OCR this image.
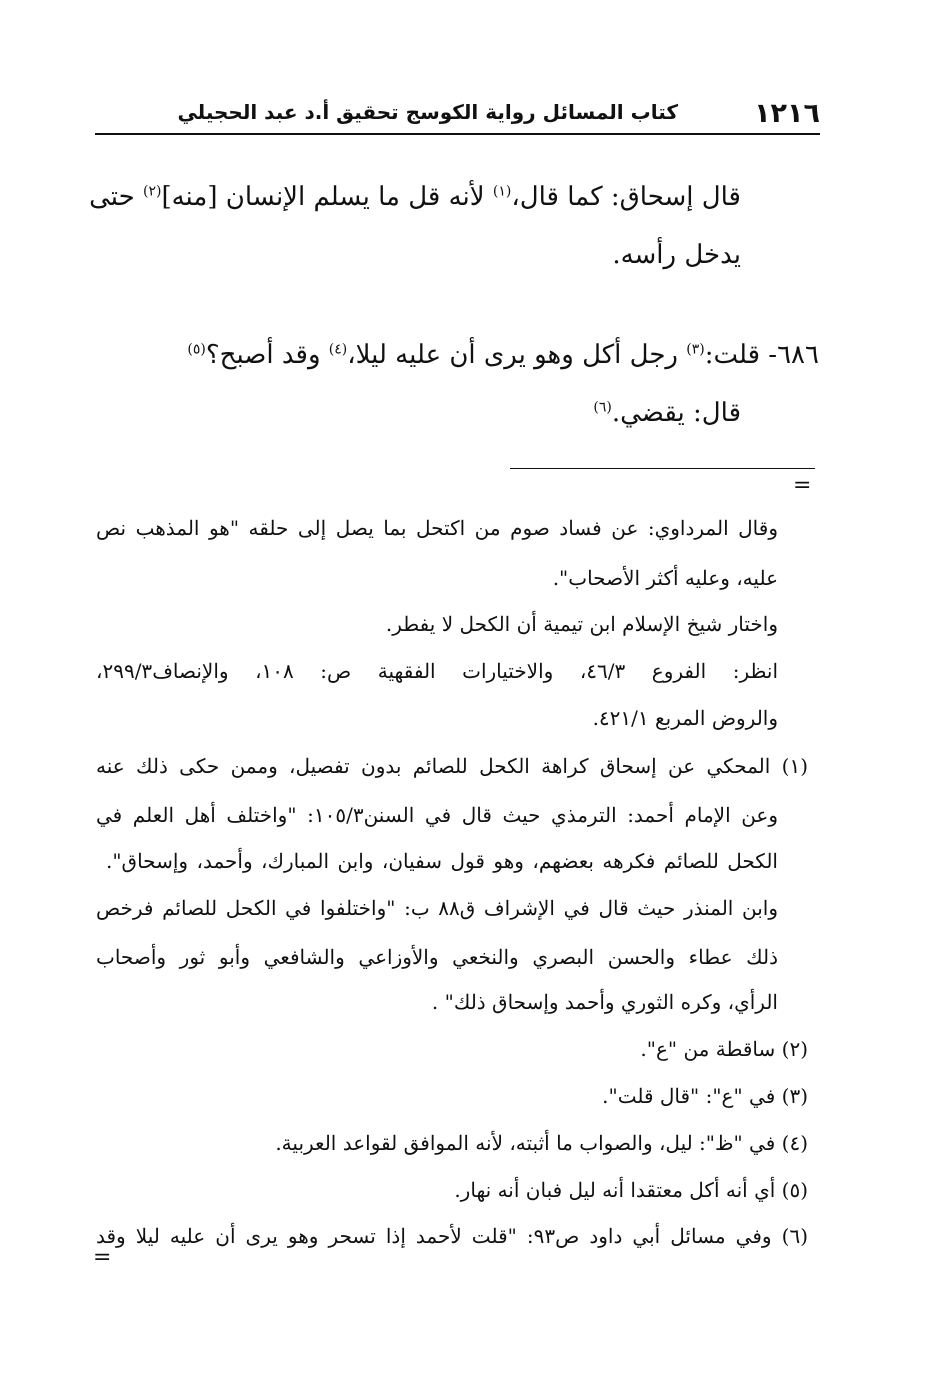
١٢١٦
كتاب المسائل رواية الكوسج تحقيق أ.د عبد الحجيلي
قال إسحاق: كما قال،$^{(١)}$ لأنه قل ما يسلم الإنسان [منه]$^{(٢)}$ حتى
يدخل رأسه.
٦٨٦- قلت:$^{(٣)}$ رجل أكل وهو يرى أن عليه ليلا،$^{(٤)}$ وقد أصبح؟$^{(٥)}$
قال: يقضي.$^{(٦)}$
=
وقال المرداوي: عن فساد صوم من اكتحل بما يصل إلى حلقه "هو المذهب نص
عليه، وعليه أكثر الأصحاب".
واختار شيخ الإسلام ابن تيمية أن الكحل لا يفطر.
انظر: الفروع ٤٦/٣، والاختيارات الفقهية ص: ١٠٨، والإنصاف٢٩٩/٣،
والروض المربع ٤٢١/١.
(١) المحكي عن إسحاق كراهة الكحل للصائم بدون تفصيل، وممن حكى ذلك عنه
وعن الإمام أحمد: الترمذي حيث قال في السنن١٠٥/٣: "واختلف أهل العلم في
الكحل للصائم فكرهه بعضهم، وهو قول سفيان، وابن المبارك، وأحمد، وإسحاق".
وابن المنذر حيث قال في الإشراف ق٨٨ ب: "واختلفوا في الكحل للصائم فرخص
ذلك عطاء والحسن البصري والنخعي والأوزاعي والشافعي وأبو ثور وأصحاب
الرأي، وكره الثوري وأحمد وإسحاق ذلك" .
(٢) ساقطة من "ع".
(٣) في "ع": "قال قلت".
(٤) في "ظ": ليل، والصواب ما أثبته، لأنه الموافق لقواعد العربية.
(٥) أي أنه أكل معتقدا أنه ليل فبان أنه نهار.
(٦) وفي مسائل أبي داود ص٩٣: "قلت لأحمد إذا تسحر وهو يرى أن عليه ليلا وقد
=
